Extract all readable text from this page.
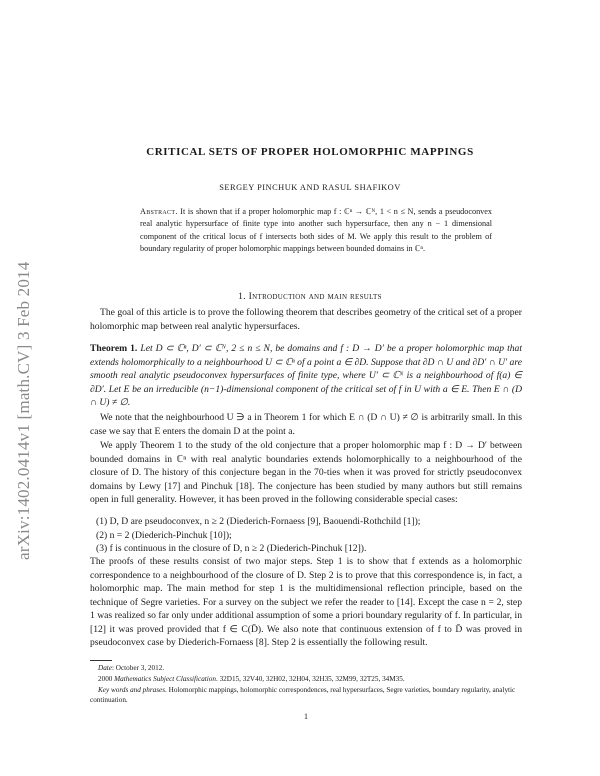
arXiv:1402.0414v1 [math.CV] 3 Feb 2014
CRITICAL SETS OF PROPER HOLOMORPHIC MAPPINGS
SERGEY PINCHUK AND RASUL SHAFIKOV
Abstract. It is shown that if a proper holomorphic map f : ℂⁿ → ℂᴺ, 1 < n ≤ N, sends a pseudoconvex real analytic hypersurface of finite type into another such hypersurface, then any n − 1 dimensional component of the critical locus of f intersects both sides of M. We apply this result to the problem of boundary regularity of proper holomorphic mappings between bounded domains in ℂⁿ.
1. Introduction and main results
The goal of this article is to prove the following theorem that describes geometry of the critical set of a proper holomorphic map between real analytic hypersurfaces.
Theorem 1. Let D ⊂ ℂⁿ, D′ ⊂ ℂᴺ, 2 ≤ n ≤ N, be domains and f : D → D′ be a proper holomorphic map that extends holomorphically to a neighbourhood U ⊂ ℂⁿ of a point a ∈ ∂D. Suppose that ∂D ∩ U and ∂D′ ∩ U′ are smooth real analytic pseudoconvex hypersurfaces of finite type, where U′ ⊂ ℂᴺ is a neighbourhood of f(a) ∈ ∂D′. Let E be an irreducible (n−1)-dimensional component of the critical set of f in U with a ∈ E. Then E ∩ (D ∩ U) ≠ ∅.
We note that the neighbourhood U ∋ a in Theorem 1 for which E ∩ (D ∩ U) ≠ ∅ is arbitrarily small. In this case we say that E enters the domain D at the point a.
We apply Theorem 1 to the study of the old conjecture that a proper holomorphic map f : D → D′ between bounded domains in ℂⁿ with real analytic boundaries extends holomorphically to a neighbourhood of the closure of D. The history of this conjecture began in the 70-ties when it was proved for strictly pseudoconvex domains by Lewy [17] and Pinchuk [18]. The conjecture has been studied by many authors but still remains open in full generality. However, it has been proved in the following considerable special cases:
(1) D, D are pseudoconvex, n ≥ 2 (Diederich-Fornaess [9], Baouendi-Rothchild [1]);
(2) n = 2 (Diederich-Pinchuk [10]);
(3) f is continuous in the closure of D, n ≥ 2 (Diederich-Pinchuk [12]).
The proofs of these results consist of two major steps. Step 1 is to show that f extends as a holomorphic correspondence to a neighbourhood of the closure of D. Step 2 is to prove that this correspondence is, in fact, a holomorphic map. The main method for step 1 is the multidimensional reflection principle, based on the technique of Segre varieties. For a survey on the subject we refer the reader to [14]. Except the case n = 2, step 1 was realized so far only under additional assumption of some a priori boundary regularity of f. In particular, in [12] it was proved provided that f ∈ C(D̄). We also note that continuous extension of f to D̄ was proved in pseudoconvex case by Diederich-Fornaess [8]. Step 2 is essentially the following result.
Date: October 3, 2012.
2000 Mathematics Subject Classification. 32D15, 32V40, 32H02, 32H04, 32H35, 32M99, 32T25, 34M35.
Key words and phrases. Holomorphic mappings, holomorphic correspondences, real hypersurfaces, Segre varieties, boundary regularity, analytic continuation.
1
